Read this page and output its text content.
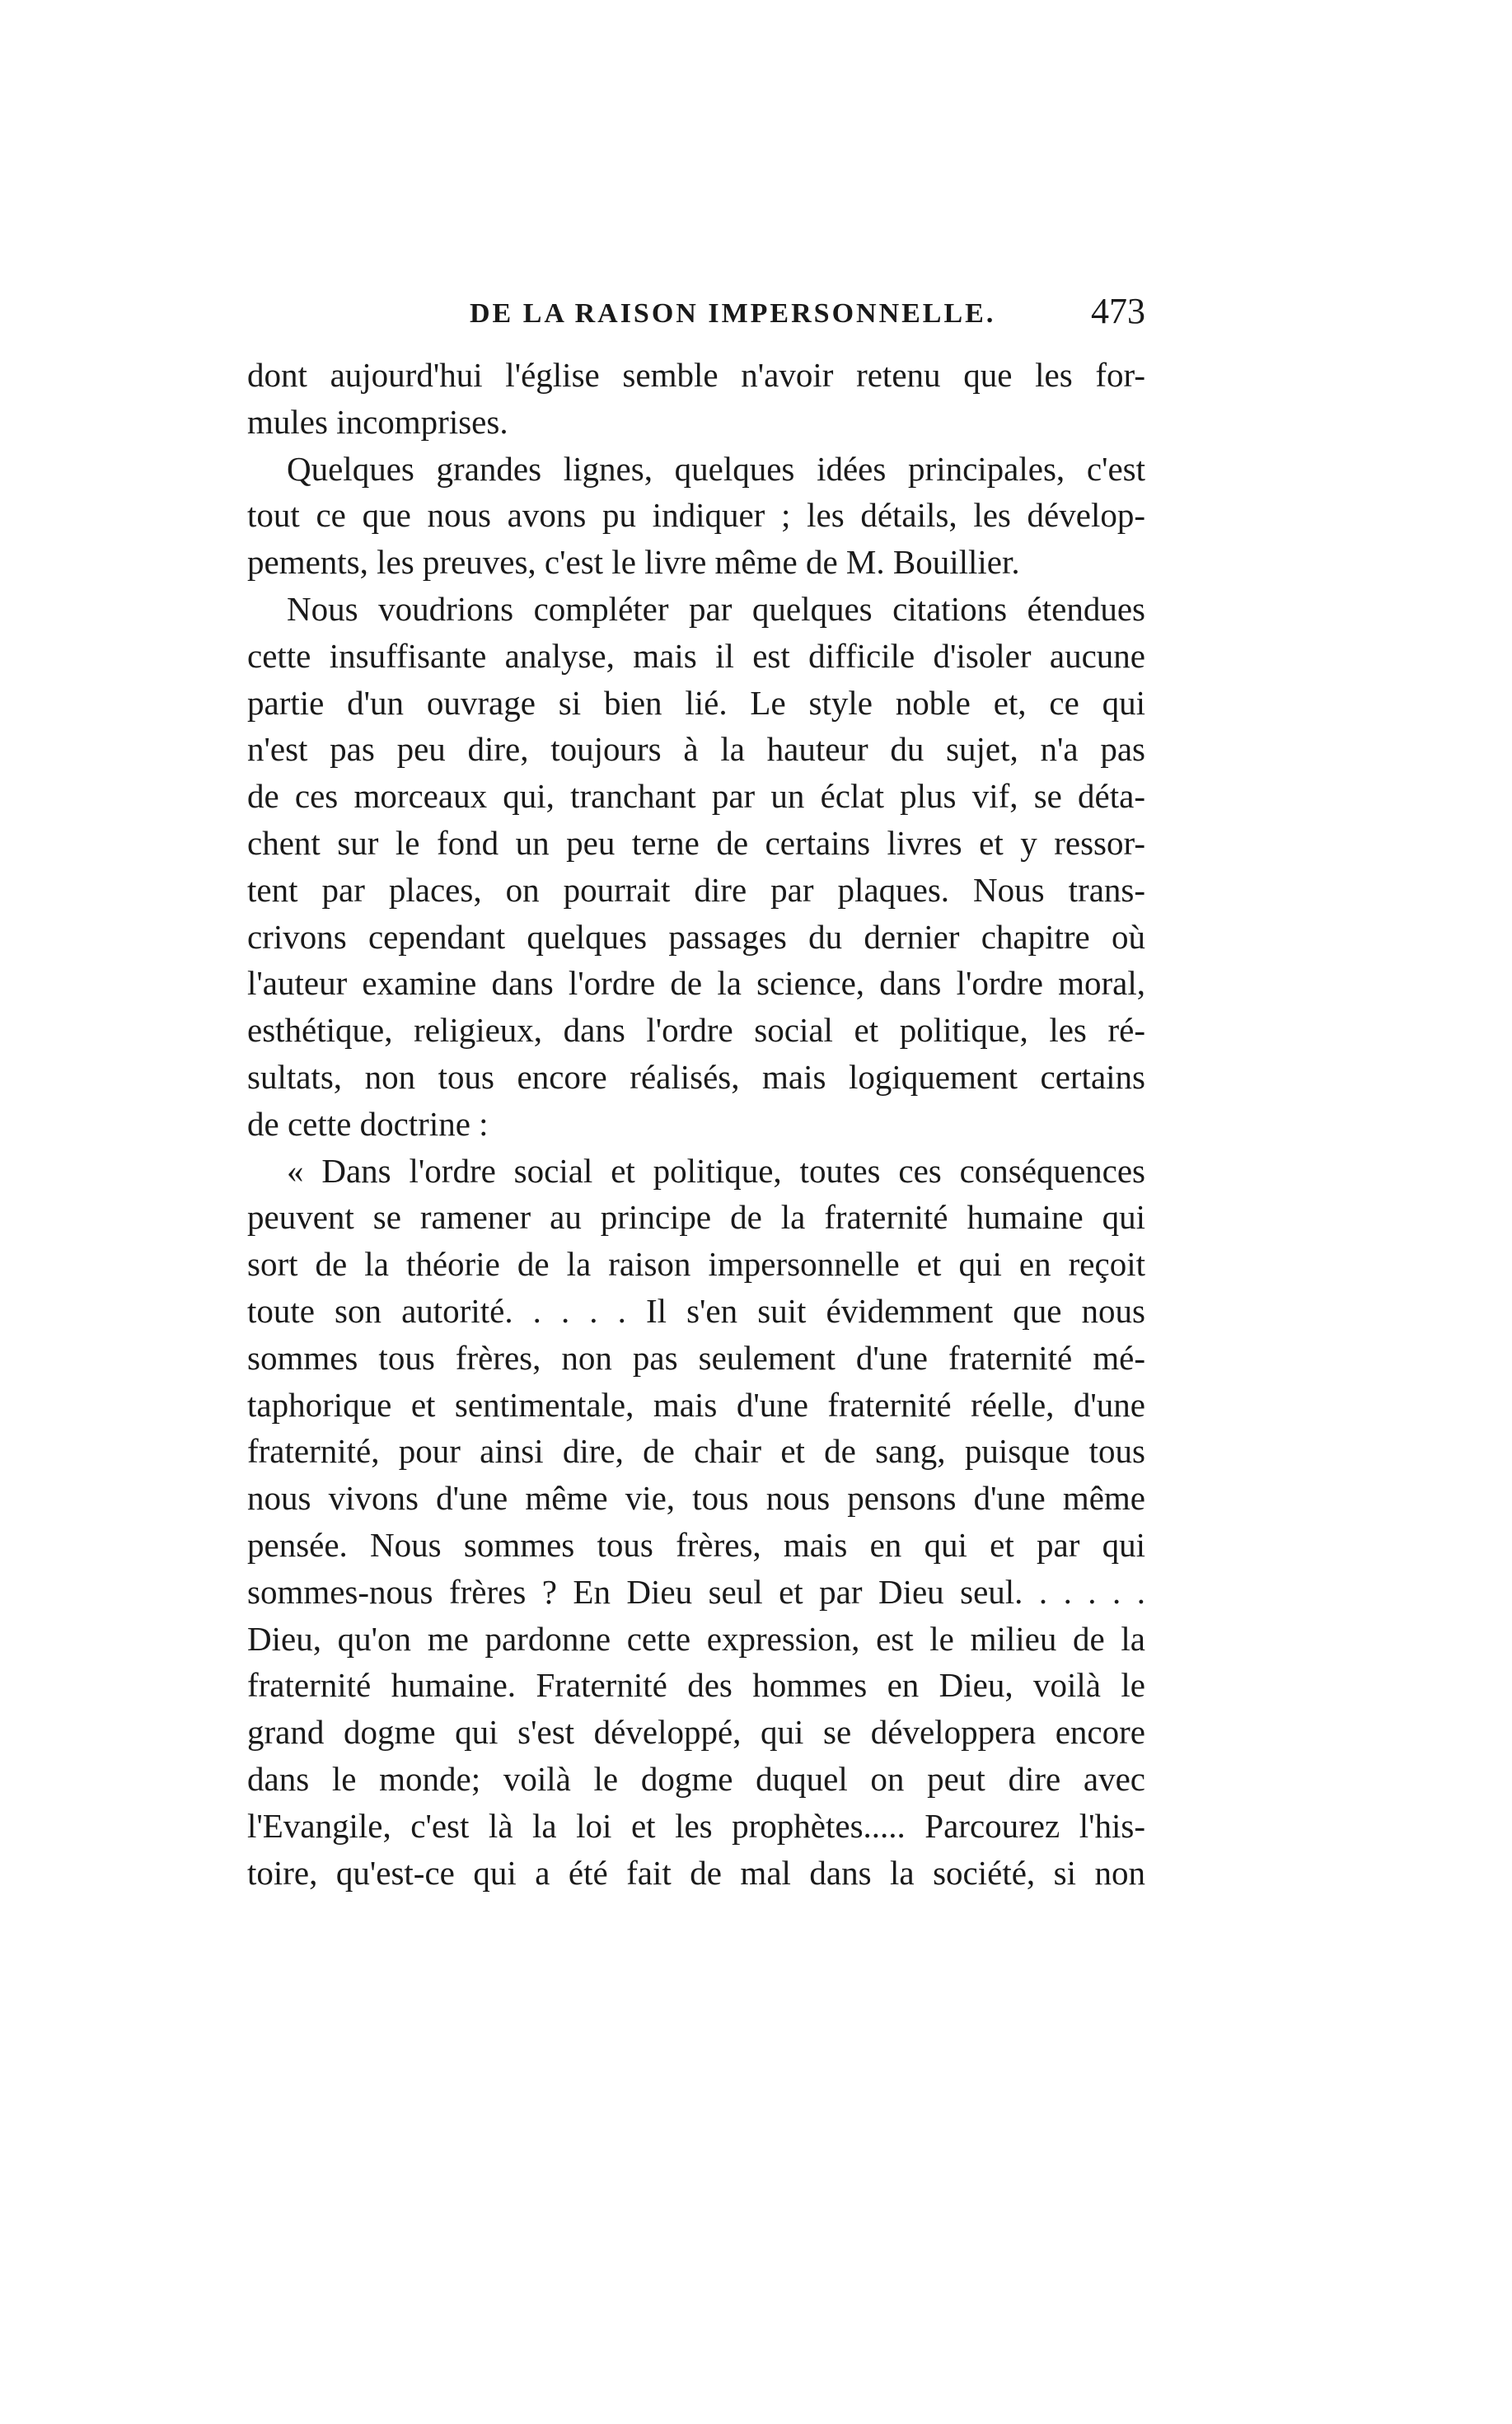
DE LA RAISON IMPERSONNELLE.	473
dont aujourd'hui l'église semble n'avoir retenu que les for-
mules incomprises.
Quelques grandes lignes, quelques idées principales, c'est
tout ce que nous avons pu indiquer ; les détails, les dévelop-
pements, les preuves, c'est le livre même de M. Bouillier.
Nous voudrions compléter par quelques citations étendues
cette insuffisante analyse, mais il est difficile d'isoler aucune
partie d'un ouvrage si bien lié. Le style noble et, ce qui
n'est pas peu dire, toujours à la hauteur du sujet, n'a pas
de ces morceaux qui, tranchant par un éclat plus vif, se déta-
chent sur le fond un peu terne de certains livres et y ressor-
tent par places, on pourrait dire par plaques. Nous trans-
crivons cependant quelques passages du dernier chapitre où
l'auteur examine dans l'ordre de la science, dans l'ordre moral,
esthétique, religieux, dans l'ordre social et politique, les ré-
sultats, non tous encore réalisés, mais logiquement certains
de cette doctrine :
« Dans l'ordre social et politique, toutes ces conséquences
peuvent se ramener au principe de la fraternité humaine qui
sort de la théorie de la raison impersonnelle et qui en reçoit
toute son autorité. . . . . Il s'en suit évidemment que nous
sommes tous frères, non pas seulement d'une fraternité mé-
taphorique et sentimentale, mais d'une fraternité réelle, d'une
fraternité, pour ainsi dire, de chair et de sang, puisque tous
nous vivons d'une même vie, tous nous pensons d'une même
pensée. Nous sommes tous frères, mais en qui et par qui
sommes-nous frères ? En Dieu seul et par Dieu seul. . . . . .
Dieu, qu'on me pardonne cette expression, est le milieu de la
fraternité humaine. Fraternité des hommes en Dieu, voilà le
grand dogme qui s'est développé, qui se développera encore
dans le monde; voilà le dogme duquel on peut dire avec
l'Evangile, c'est là la loi et les prophètes..... Parcourez l'his-
toire, qu'est-ce qui a été fait de mal dans la société, si non
